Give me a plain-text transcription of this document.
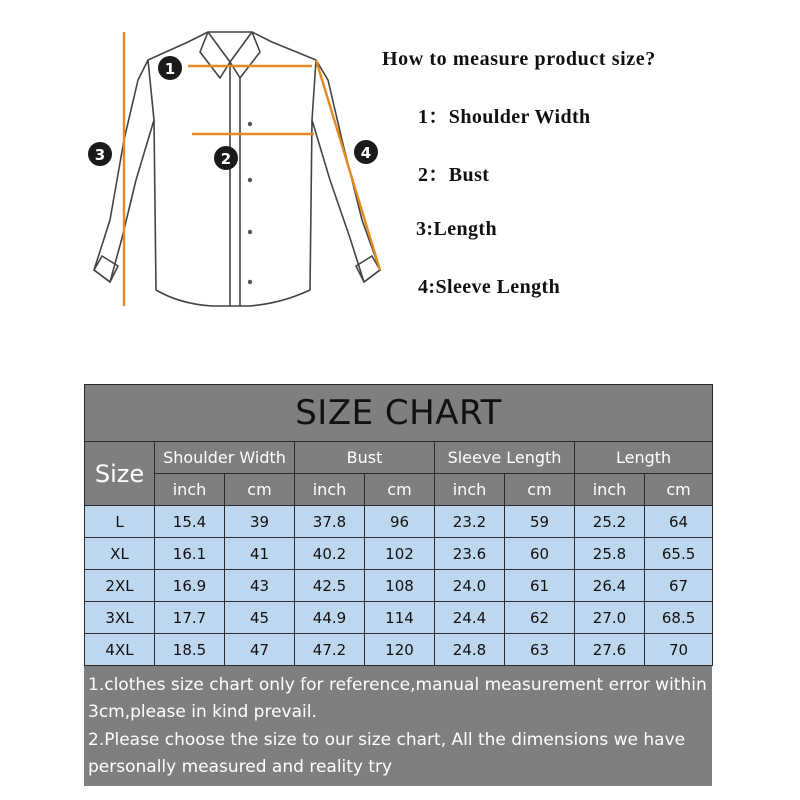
1
2
3	4
How to measure product size?
1：Shoulder Width
2：Bust
3:Length
4:Sleeve Length
SIZE CHART								
Size	Shoulder Width		Bust		Sleeve Length		Length	
	inch	cm	inch	cm	inch	cm	inch	cm
L	15.4	39	37.8	96	23.2	59	25.2	64
XL	16.1	41	40.2	102	23.6	60	25.8	65.5
2XL	16.9	43	42.5	108	24.0	61	26.4	67
3XL	17.7	45	44.9	114	24.4	62	27.0	68.5
4XL	18.5	47	47.2	120	24.8	63	27.6	70

1.clothes size chart only for reference,manual measurement error within 3cm,please in kind prevail.

2.Please choose the size to our size chart, All the dimensions we have personally measured and reality try
